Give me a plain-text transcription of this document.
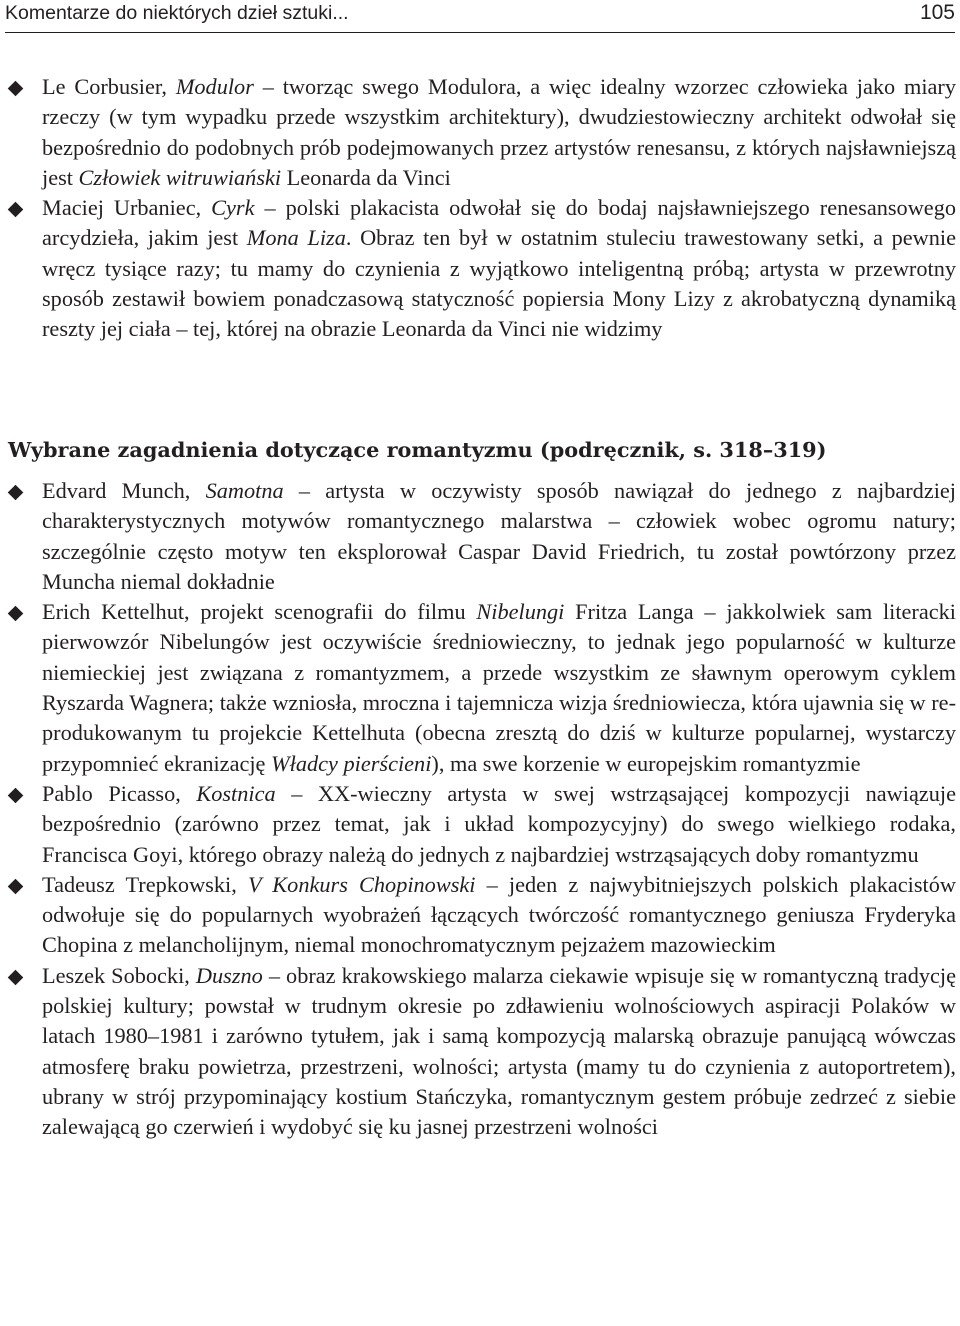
Komentarze do niektórych dzieł sztuki...	105
Le Corbusier, Modulor – tworząc swego Modulora, a więc idealny wzorzec człowieka jako miary rzeczy (w tym wypadku przede wszystkim architektury), dwudziestowieczny architekt odwołał się bezpośrednio do podobnych prób podejmowanych przez artystów renesansu, z których najsławniejszą jest Człowiek witruwiański Leonarda da Vinci
Maciej Urbaniec, Cyrk – polski plakacista odwołał się do bodaj najsławniejszego renesansowego arcydzieła, jakim jest Mona Liza. Obraz ten był w ostatnim stuleciu trawestowany setki, a pewnie wręcz tysiące razy; tu mamy do czynienia z wyjątkowo inteligentną próbą; artysta w przewrotny sposób zestawił bowiem ponadczasową statyczność popiersia Mony Lizy z akrobatyczną dynamiką reszty jej ciała – tej, której na obrazie Leonarda da Vinci nie widzimy
Wybrane zagadnienia dotyczące romantyzmu (podręcznik, s. 318–319)
Edvard Munch, Samotna – artysta w oczywisty sposób nawiązał do jednego z najbardziej charakterystycznych motywów romantycznego malarstwa – człowiek wobec ogromu natury; szczególnie często motyw ten eksplorował Caspar David Friedrich, tu został powtórzony przez Muncha niemal dokładnie
Erich Kettelhut, projekt scenografii do filmu Nibelungi Fritza Langa – jakkolwiek sam literacki pierwowzór Nibelungów jest oczywiście średniowieczny, to jednak jego popularność w kulturze niemieckiej jest związana z romantyzmem, a przede wszystkim ze sławnym operowym cyklem Ryszarda Wagnera; także wzniosła, mroczna i tajemnicza wizja średniowiecza, która ujawnia się w reprodukowanym tu projekcie Kettelhuta (obecna zresztą do dziś w kulturze popularnej, wystarczy przypomnieć ekranizację Władcy pierścieni), ma swe korzenie w europejskim romantyzmie
Pablo Picasso, Kostnica – XX-wieczny artysta w swej wstrząsającej kompozycji nawiązuje bezpośrednio (zarówno przez temat, jak i układ kompozycyjny) do swego wielkiego rodaka, Francisca Goyi, którego obrazy należą do jednych z najbardziej wstrząsających doby romantyzmu
Tadeusz Trepkowski, V Konkurs Chopinowski – jeden z najwybitniejszych polskich plakacistów odwołuje się do popularnych wyobrażeń łączących twórczość romantycznego geniusza Fryderyka Chopina z melancholijnym, niemal monochromatycznym pejzażem mazowieckim
Leszek Sobocki, Duszno – obraz krakowskiego malarza ciekawie wpisuje się w romantyczną tradycję polskiej kultury; powstał w trudnym okresie po zdławieniu wolnościowych aspiracji Polaków w latach 1980–1981 i zarówno tytułem, jak i samą kompozycją malarską obrazuje panującą wówczas atmosferę braku powietrza, przestrzeni, wolności; artysta (mamy tu do czynienia z autoportretem), ubrany w strój przypominający kostium Stańczyka, romantycznym gestem próbuje zedrzeć z siebie zalewającą go czerwień i wydobyć się ku jasnej przestrzeni wolności
